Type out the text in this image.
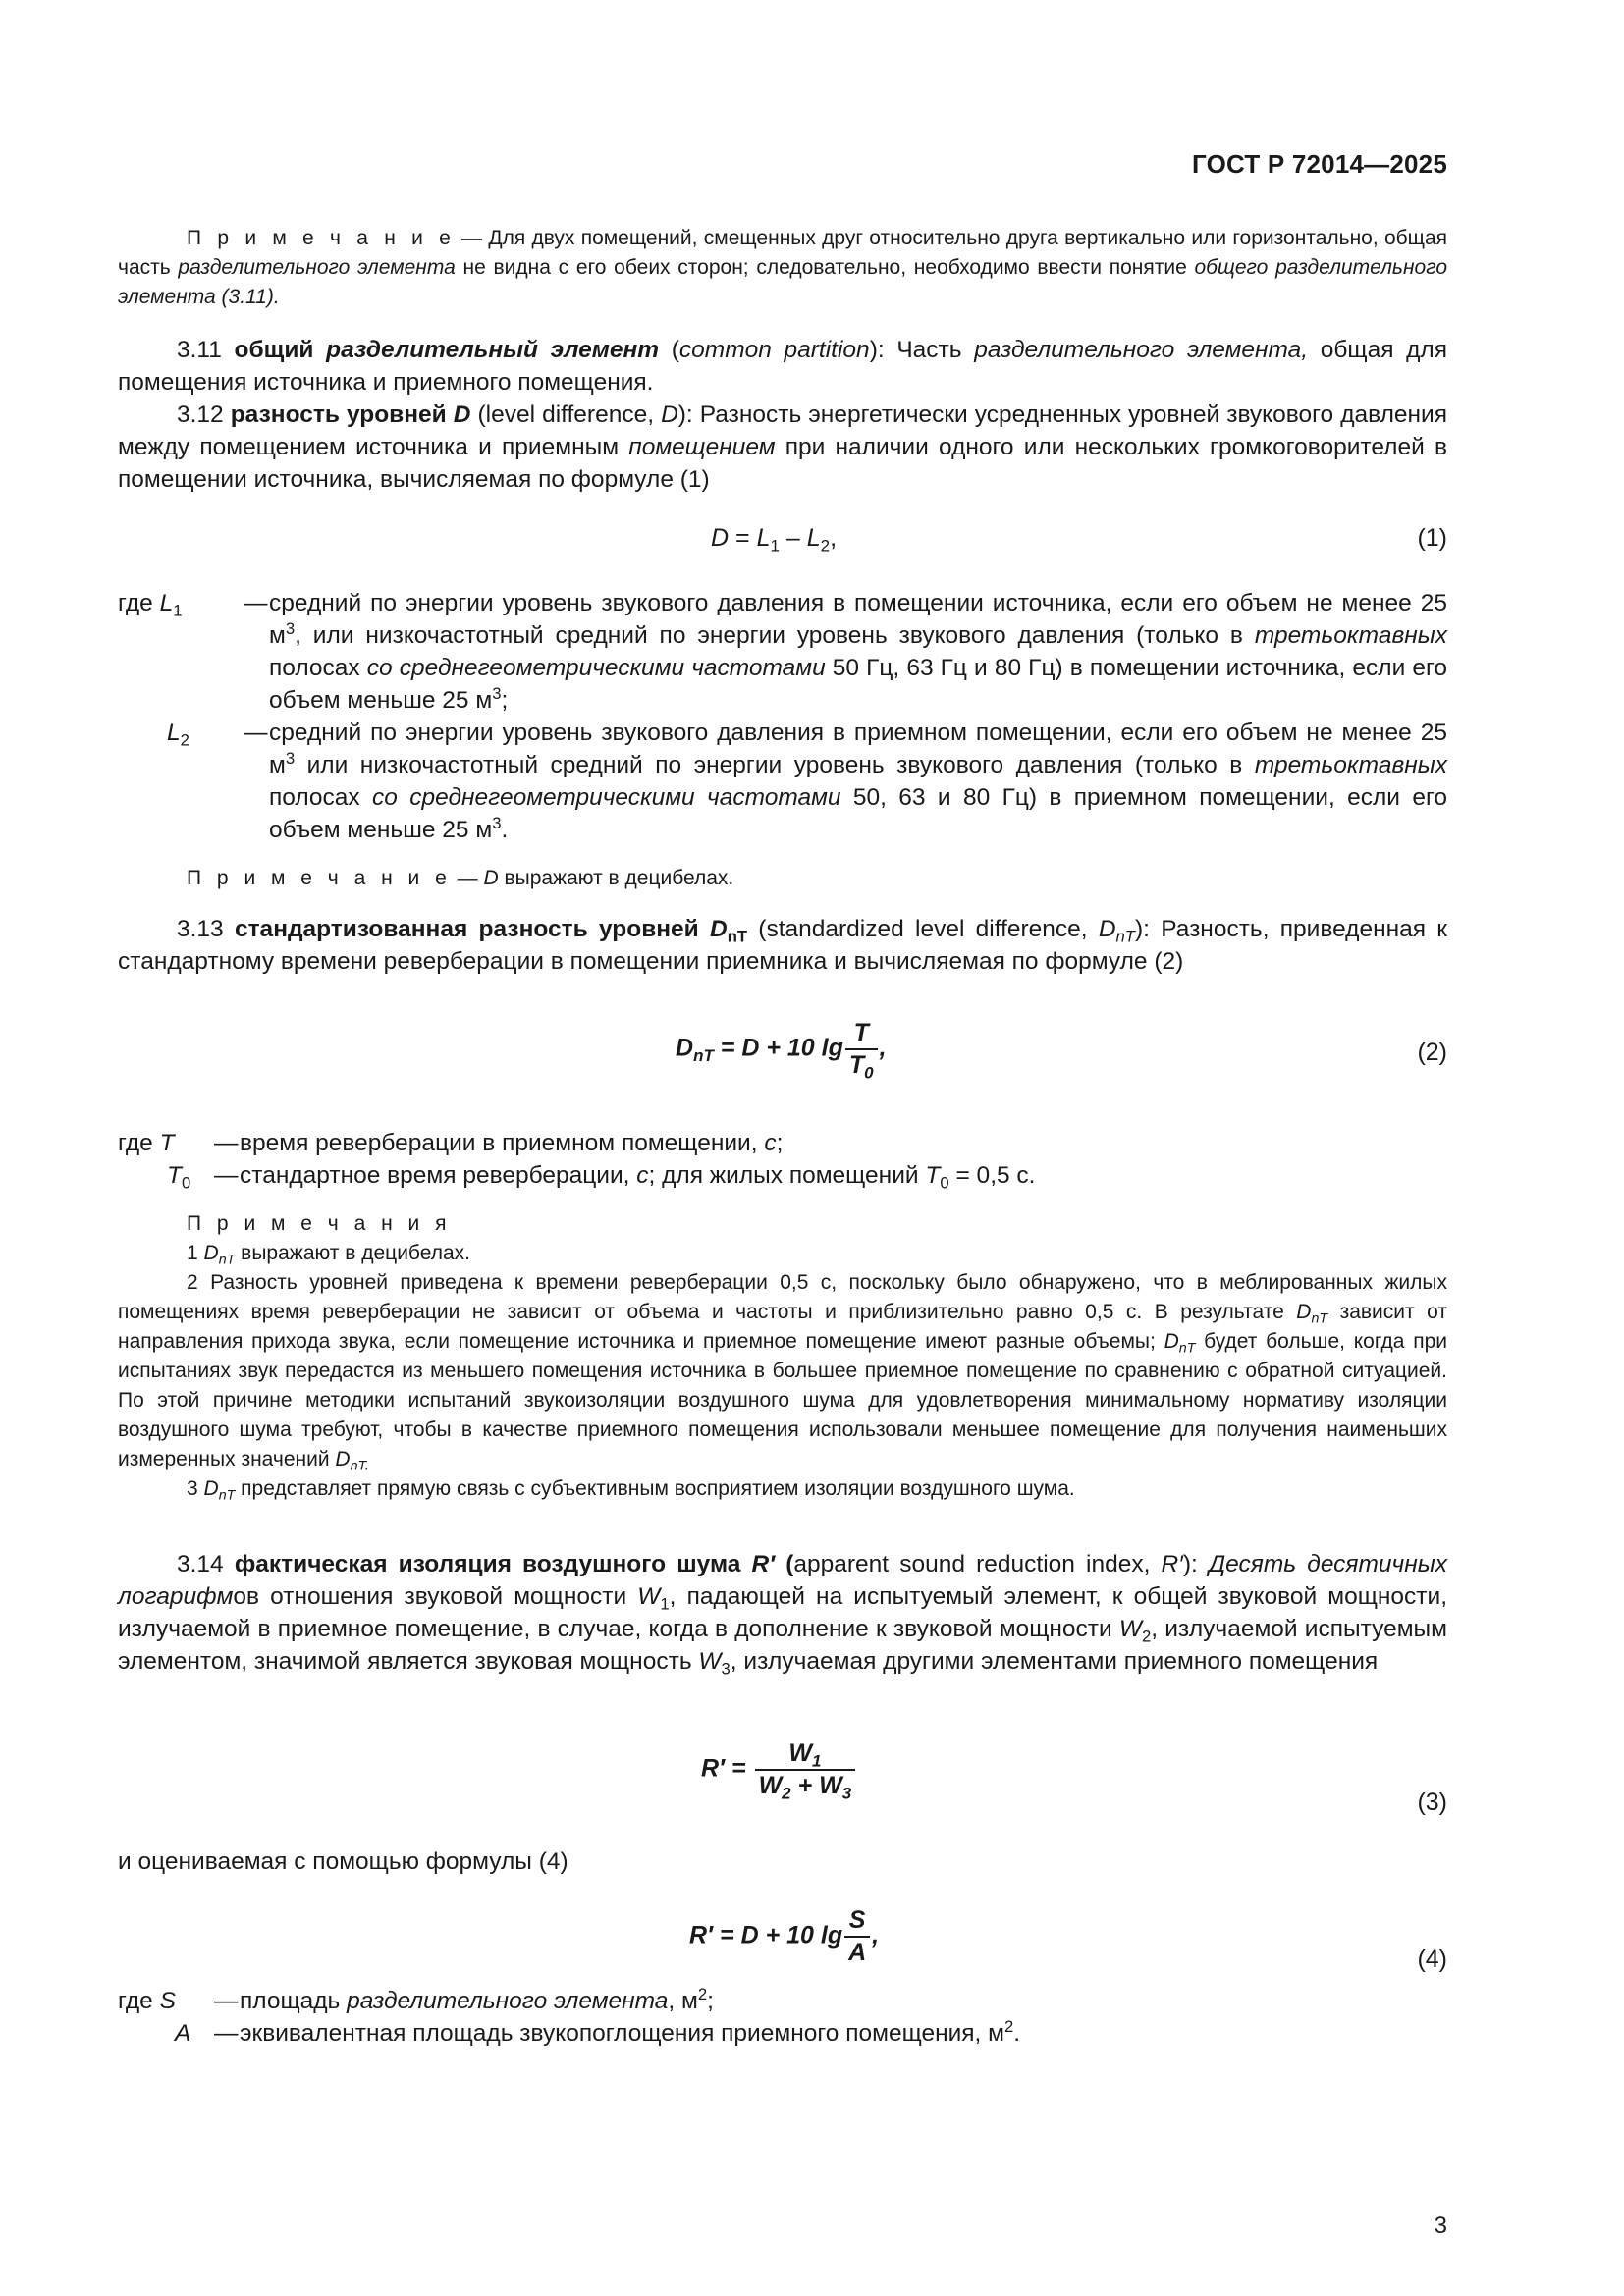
ГОСТ Р 72014—2025
П р и м е ч а н и е — Для двух помещений, смещенных друг относительно друга вертикально или горизонтально, общая часть разделительного элемента не видна с его обеих сторон; следовательно, необходимо ввести понятие общего разделительного элемента (3.11).
3.11 общий разделительный элемент (common partition): Часть разделительного элемента, общая для помещения источника и приемного помещения.
3.12 разность уровней D (level difference, D): Разность энергетически усредненных уровней звукового давления между помещением источника и приемным помещением при наличии одного или нескольких громкоговорителей в помещении источника, вычисляемая по формуле (1)
$D = L_1 - L_2$,	(1)
где $L_1$	— средний по энергии уровень звукового давления в помещении источника, если его объем не менее 25 $м^3$, или низкочастотный средний по энергии уровень звукового давления (только в третьоктавных полосах со среднегеометрическими частотами 50 Гц, 63 Гц и 80 Гц) в помещении источника, если его объем меньше 25 $м^3$;
$L_2$	— средний по энергии уровень звукового давления в приемном помещении, если его объем не менее 25 $м^3$ или низкочастотный средний по энергии уровень звукового давления (только в третьоктавных полосах со среднегеометрическими частотами 50, 63 и 80 Гц) в приемном помещении, если его объем меньше 25 $м^3$.
П р и м е ч а н и е — D выражают в децибелах.
3.13 стандартизованная разность уровней $D_{nT}$ (standardized level difference, $D_{nT}$): Разность, приведенная к стандартному времени реверберации в помещении приемника и вычисляемая по формуле (2)
$D_{nT} = D + 10$ $\lg \frac{T}{T_0}$ ,	(2)
где T	— время реверберации в приемном помещении, с;
$T_0$ — стандартное время реверберации, с; для жилых помещений $T_0 = 0,5$ с.
П р и м е ч а н и я
1 $D_{nT}$ выражают в децибелах.
2 Разность уровней приведена к времени реверберации 0,5 с, поскольку было обнаружено, что в меблированных жилых помещениях время реверберации не зависит от объема и частоты и приблизительно равно 0,5 с. В результате $D_{nT}$ зависит от направления прихода звука, если помещение источника и приемное помещение имеют разные объемы; $D_{nT}$ будет больше, когда при испытаниях звук передастся из меньшего помещения источника в большее приемное помещение по сравнению с обратной ситуацией. По этой причине методики испытаний звукоизоляции воздушного шума для удовлетворения минимальному нормативу изоляции воздушного шума требуют, чтобы в качестве приемного помещения использовали меньшее помещение для получения наименьших измеренных значений $D_{nT.}$
3 $D_{nT}$ представляет прямую связь с субъективным восприятием изоляции воздушного шума.
3.14 фактическая изоляция воздушного шума R′ (apparent sound reduction index, R′): Десять десятичных логарифмов отношения звуковой мощности $W_1$, падающей на испытуемый элемент, к общей звуковой мощности, излучаемой в приемное помещение, в случае, когда в дополнение к звуковой мощности $W_2$, излучаемой испытуемым элементом, значимой является звуковая мощность $W_3$, излучаемая другими элементами приемного помещения
$R' = \frac{W_1}{W_2 + W_3}$
(3)
и оцениваемая с помощью формулы (4)
R′ = D + 10 $\lg \frac{S}{A}$ ,
(4)
где S	— площадь разделительного элемента, $м^2$;
A — эквивалентная площадь звукопоглощения приемного помещения, $м^2$.
3
